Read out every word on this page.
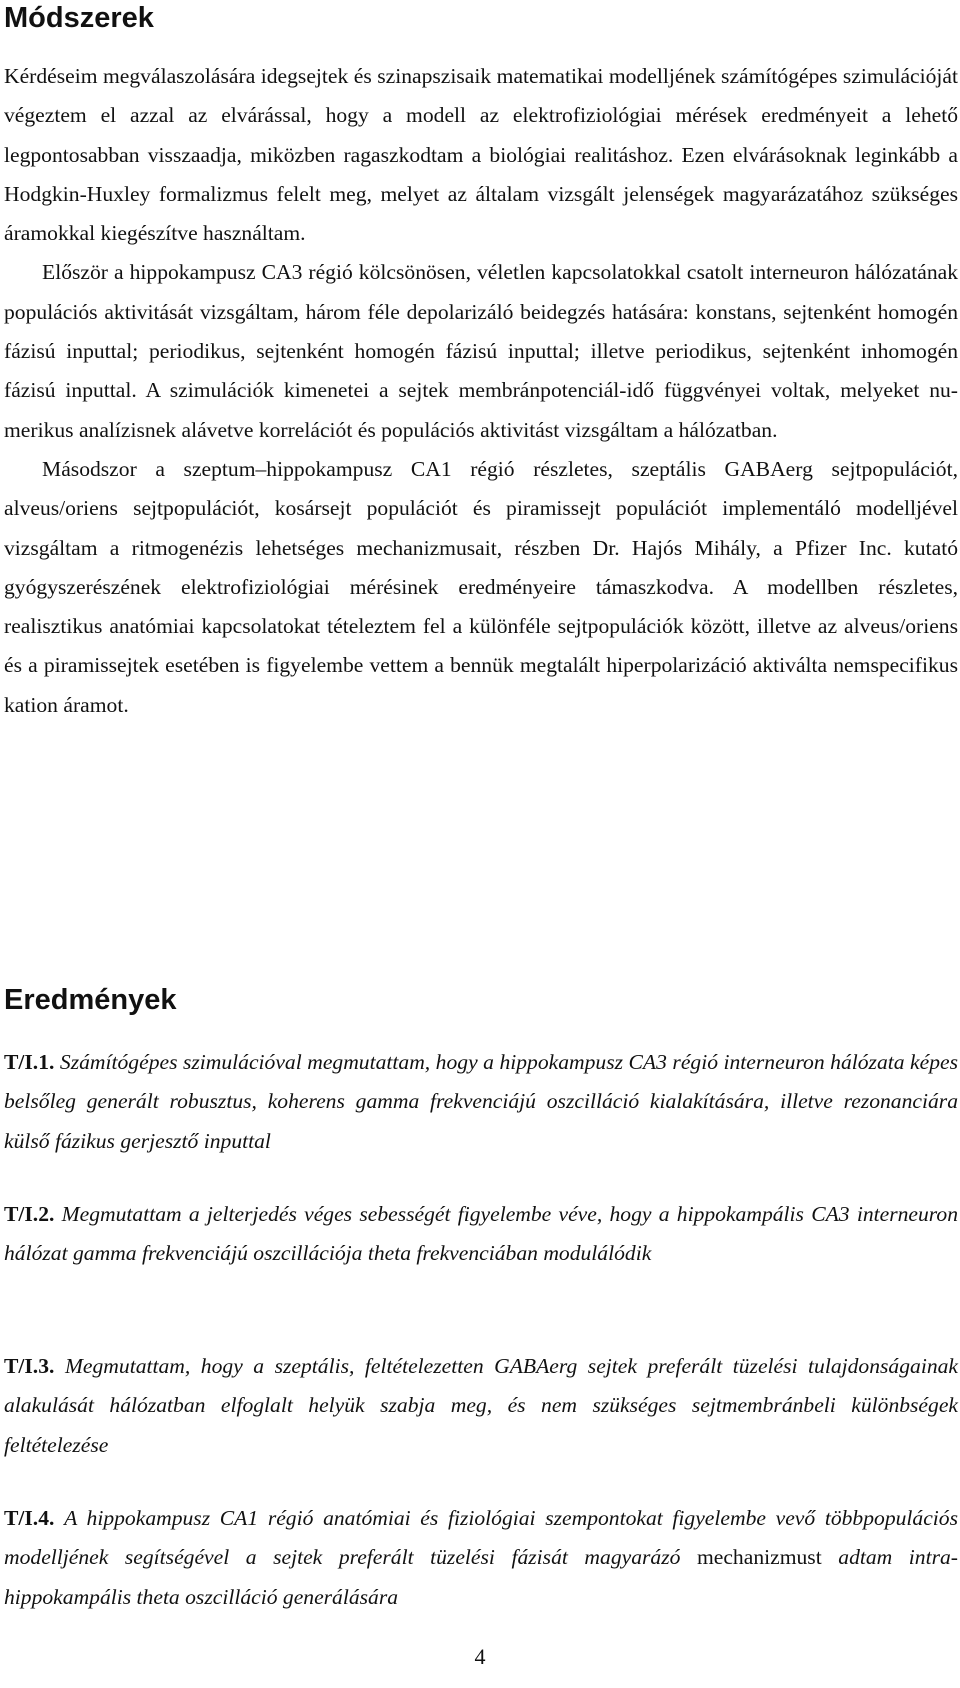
Módszerek

Kérdéseim megválaszolására idegsejtek és szinapszisaik matematikai modelljének számítógépes szimulációját végeztem el azzal az elvárással, hogy a modell az elektrofiziológiai mérések eredményeit a lehető legpontosabban visszaadja, miközben ragaszkodtam a biológiai realitáshoz. Ezen elvárásoknak leginkább a Hodgkin-Huxley formalizmus felelt meg, melyet az általam vizsgált jelenségek magyarázatához szükséges áramokkal kiegészítve használtam.

Először a hippokampusz CA3 régió kölcsönösen, véletlen kapcsolatokkal csatolt interneuron hálózatának populációs aktivitását vizsgáltam, három féle depolarizáló beidegzés hatására: konstans, sejtenként homogén fázisú inputtal; periodikus, sejtenként homogén fázisú inputtal; illetve periodikus, sejtenként inhomogén fázisú inputtal. A szimulációk kimenetei a sejtek membránpotenciál-idő függvényei voltak, melyeket numerikus analízisnek alávetve korrelációt és populációs aktivitást vizsgáltam a hálózatban.

Másodszor a szeptum–hippokampusz CA1 régió részletes, szeptális GABAerg sejtpopulációt, alveus/oriens sejtpopulációt, kosársejt populációt és piramissejt populációt implementáló modelljével vizsgáltam a ritmogenézis lehetséges mechanizmusait, részben Dr. Hajós Mihály, a Pfizer Inc. kutató gyógyszerészének elektrofiziológiai mérésinek eredményeire támaszkodva. A modellben részletes, realisztikus anatómiai kapcsolatokat tételeztem fel a különféle sejtpopulációk között, illetve az alveus/oriens és a piramissejtek esetében is figyelembe vettem a bennük megtalált hiperpolarizáció aktiválta nemspecifikus kation áramot.

Eredmények

T/I.1. Számítógépes szimulációval megmutattam, hogy a hippokampusz CA3 régió interneuron hálózata képes belsőleg generált robusztus, koherens gamma frekvenciájú oszcilláció kialakítására, illetve rezonanciára külső fázikus gerjesztő inputtal

T/I.2. Megmutattam a jelterjedés véges sebességét figyelembe véve, hogy a hippokampális CA3 interneuron hálózat gamma frekvenciájú oszcillációja theta frekvenciában modulálódik

T/I.3. Megmutattam, hogy a szeptális, feltételezetten GABAerg sejtek preferált tüzelési tulajdonságainak alakulását hálózatban elfoglalt helyük szabja meg, és nem szükséges sejtmembránbeli különbségek feltételezése

T/I.4. A hippokampusz CA1 régió anatómiai és fiziológiai szempontokat figyelembe vevő többpopulációs modelljének segítségével a sejtek preferált tüzelési fázisát magyarázó mechanizmust adtam intra-hippokampális theta oszcilláció generálására

4
